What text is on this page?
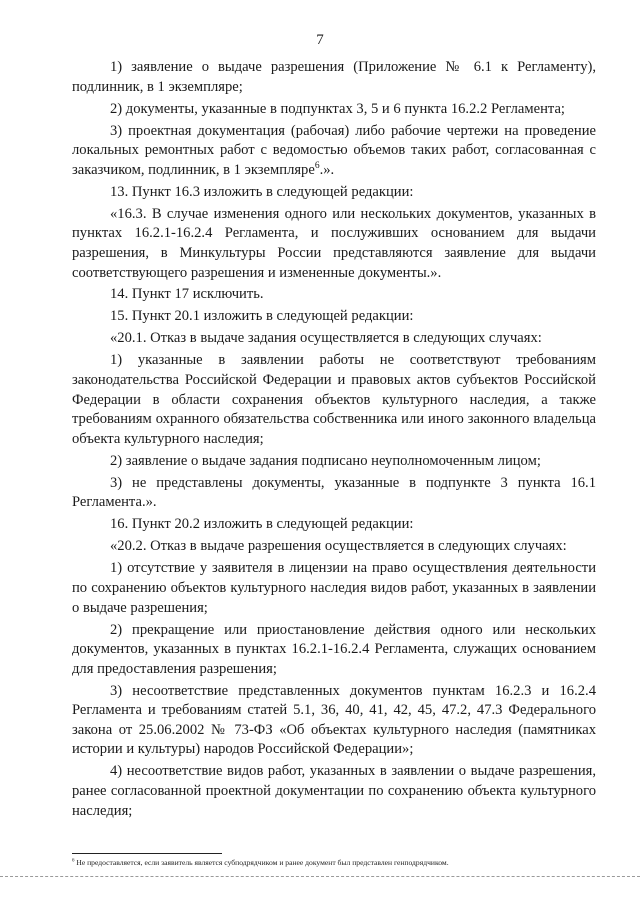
7

1) заявление о выдаче разрешения (Приложение № 6.1 к Регламенту), подлинник, в 1 экземпляре;

2) документы, указанные в подпунктах 3, 5 и 6 пункта 16.2.2 Регламента;

3) проектная документация (рабочая) либо рабочие чертежи на проведение локальных ремонтных работ с ведомостью объемов таких работ, согласованная с заказчиком, подлинник, в 1 экземпляре$^6$.».

13. Пункт 16.3 изложить в следующей редакции:

«16.3. В случае изменения одного или нескольких документов, указанных в пунктах 16.2.1-16.2.4 Регламента, и послуживших основанием для выдачи разрешения, в Минкультуры России представляются заявление для выдачи соответствующего разрешения и измененные документы.».

14. Пункт 17 исключить.

15. Пункт 20.1 изложить в следующей редакции:

«20.1. Отказ в выдаче задания осуществляется в следующих случаях:

1) указанные в заявлении работы не соответствуют требованиям законодательства Российской Федерации и правовых актов субъектов Российской Федерации в области сохранения объектов культурного наследия, а также требованиям охранного обязательства собственника или иного законного владельца объекта культурного наследия;

2) заявление о выдаче задания подписано неуполномоченным лицом;

3) не представлены документы, указанные в подпункте 3 пункта 16.1 Регламента.».

16. Пункт 20.2 изложить в следующей редакции:

«20.2. Отказ в выдаче разрешения осуществляется в следующих случаях:

1) отсутствие у заявителя в лицензии на право осуществления деятельности по сохранению объектов культурного наследия видов работ, указанных в заявлении о выдаче разрешения;

2) прекращение или приостановление действия одного или нескольких документов, указанных в пунктах 16.2.1-16.2.4 Регламента, служащих основанием для предоставления разрешения;

3) несоответствие представленных документов пунктам 16.2.3 и 16.2.4 Регламента и требованиям статей 5.1, 36, 40, 41, 42, 45, 47.2, 47.3 Федерального закона от 25.06.2002 № 73-ФЗ «Об объектах культурного наследия (памятниках истории и культуры) народов Российской Федерации»;

4) несоответствие видов работ, указанных в заявлении о выдаче разрешения, ранее согласованной проектной документации по сохранению объекта культурного наследия;

$^6$ Не предоставляется, если заявитель является субподрядчиком и ранее документ был представлен генподрядчиком.
